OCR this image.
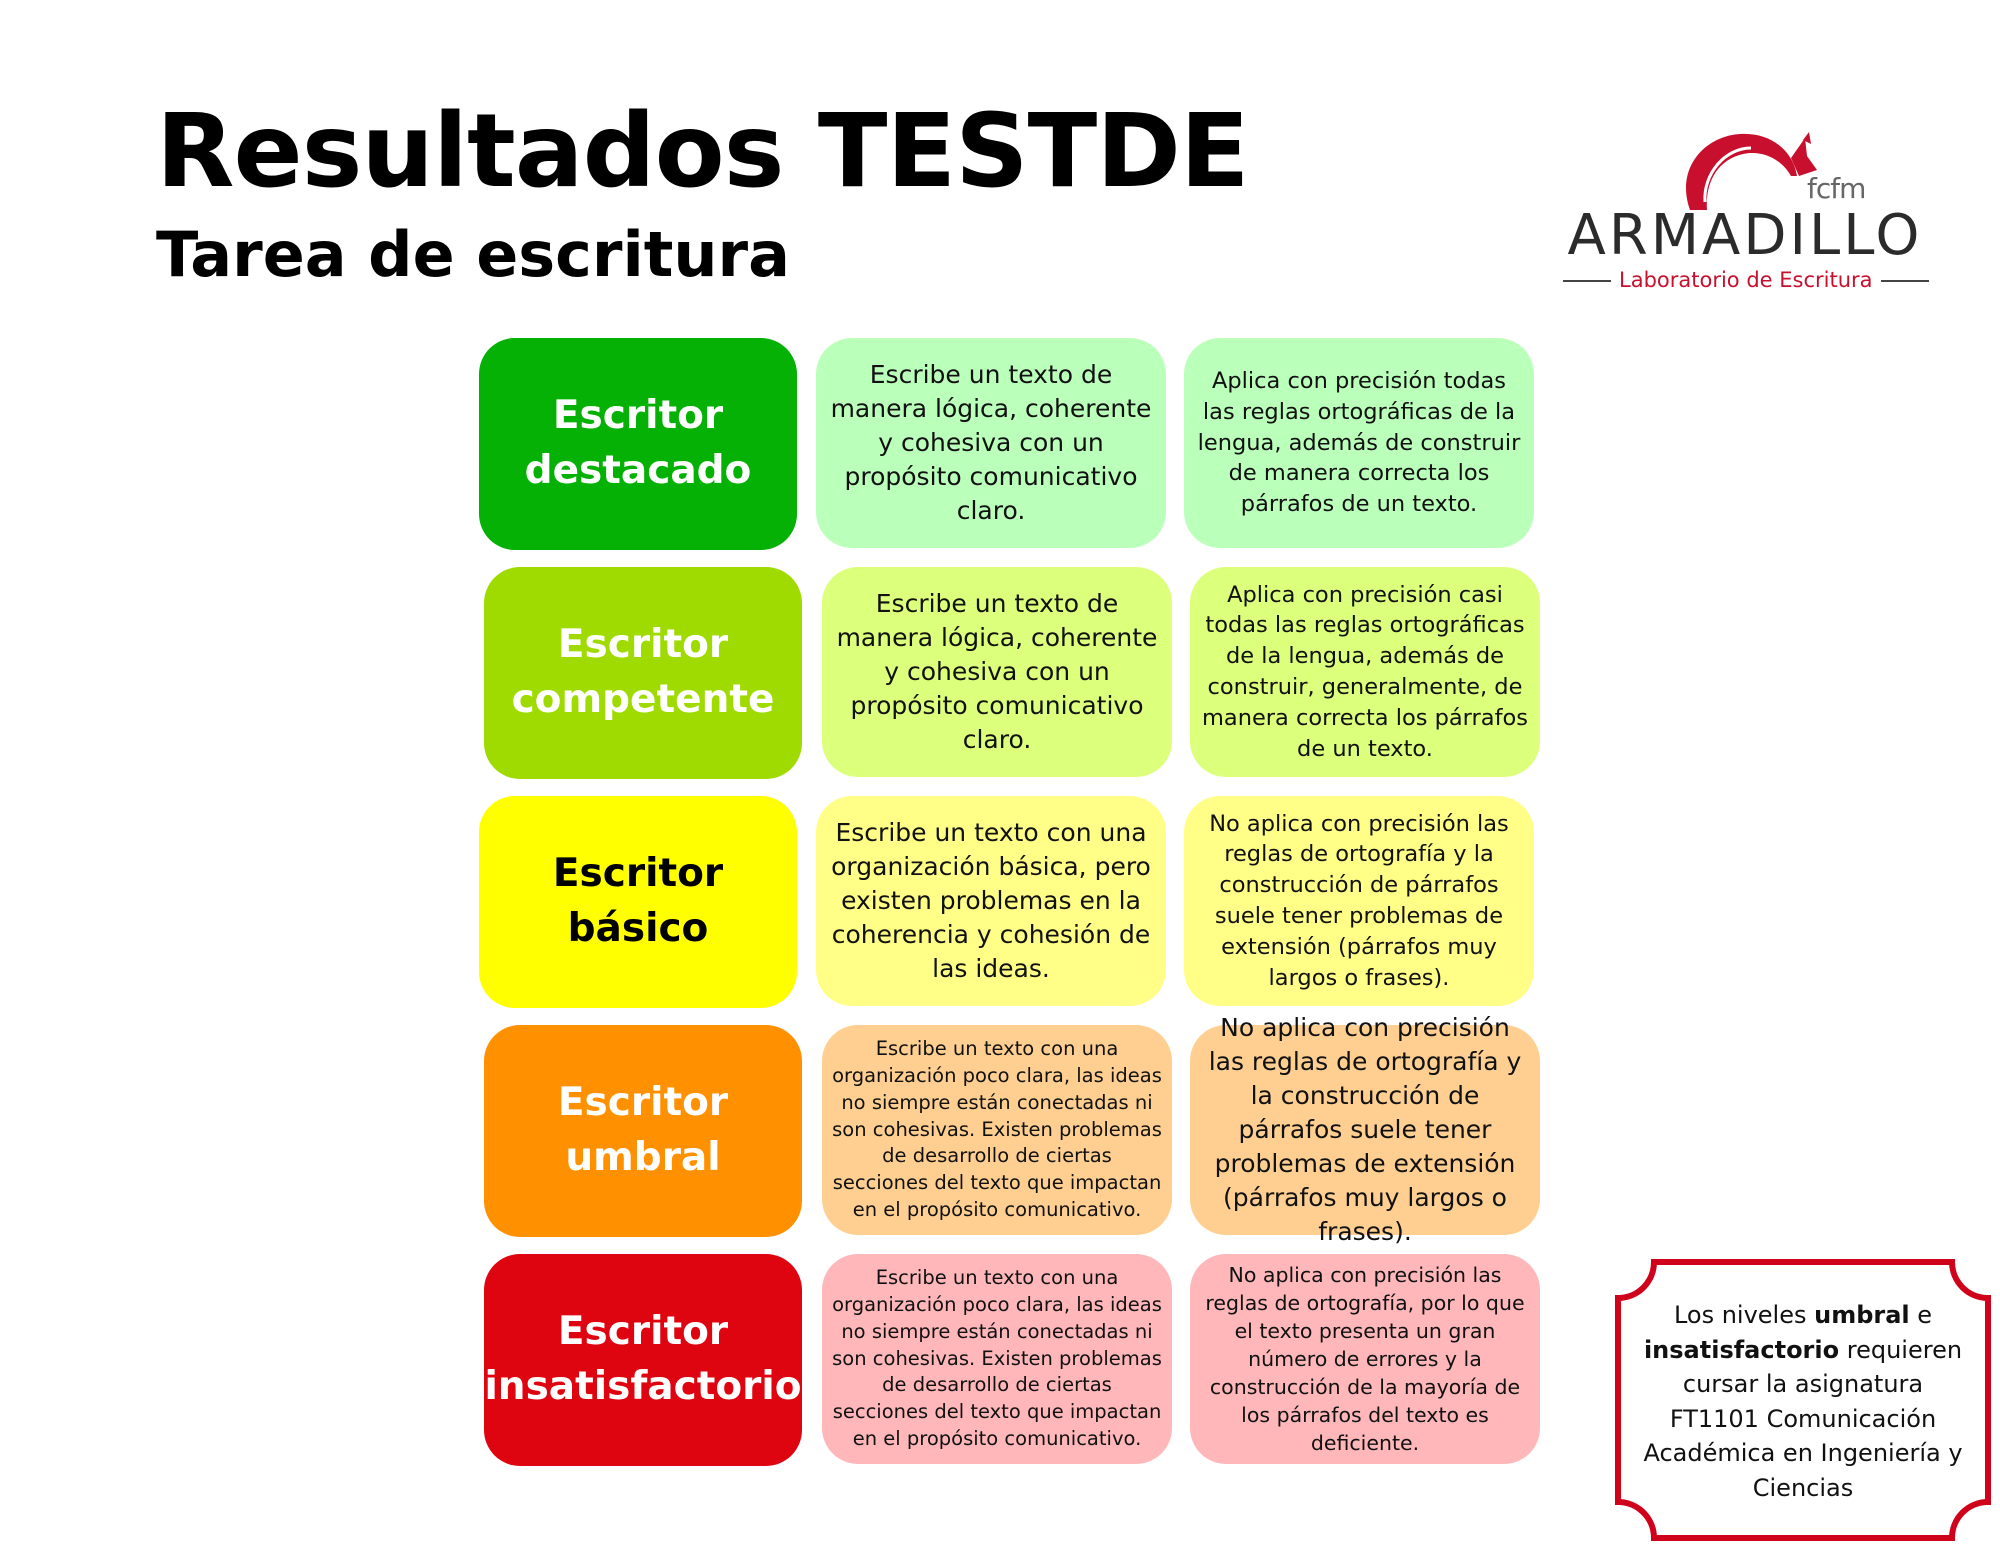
Resultados TESTDE
Tarea de escritura
fcfm
ARMADILLO
Laboratorio de Escritura
Escritor destacado
Escribe un texto de manera lógica, coherente y cohesiva con un propósito comunicativo claro.
Aplica con precisión todas las reglas ortográficas de la lengua, además de construir de manera correcta los párrafos de un texto.
Escritor competente
Escribe un texto de manera lógica, coherente y cohesiva con un propósito comunicativo claro.
Aplica con precisión casi todas las reglas ortográficas de la lengua, además de construir, generalmente, de manera correcta los párrafos de un texto.
Escritor básico
Escribe un texto con una organización básica, pero existen problemas en la coherencia y cohesión de las ideas.
No aplica con precisión las reglas de ortografía y la construcción de párrafos suele tener problemas de extensión (párrafos muy largos o frases).
Escritor umbral
Escribe un texto con una organización poco clara, las ideas no siempre están conectadas ni son cohesivas. Existen problemas de desarrollo de ciertas secciones del texto que impactan en el propósito comunicativo.
No aplica con precisión las reglas de ortografía y la construcción de párrafos suele tener problemas de extensión (párrafos muy largos o frases).
Escritor insatisfactorio
Escribe un texto con una organización poco clara, las ideas no siempre están conectadas ni son cohesivas. Existen problemas de desarrollo de ciertas secciones del texto que impactan en el propósito comunicativo.
No aplica con precisión las reglas de ortografía, por lo que el texto presenta un gran número de errores y la construcción de la mayoría de los párrafos del texto es deficiente.
Los niveles umbral e insatisfactorio requieren cursar la asignatura FT1101 Comunicación Académica en Ingeniería y Ciencias
